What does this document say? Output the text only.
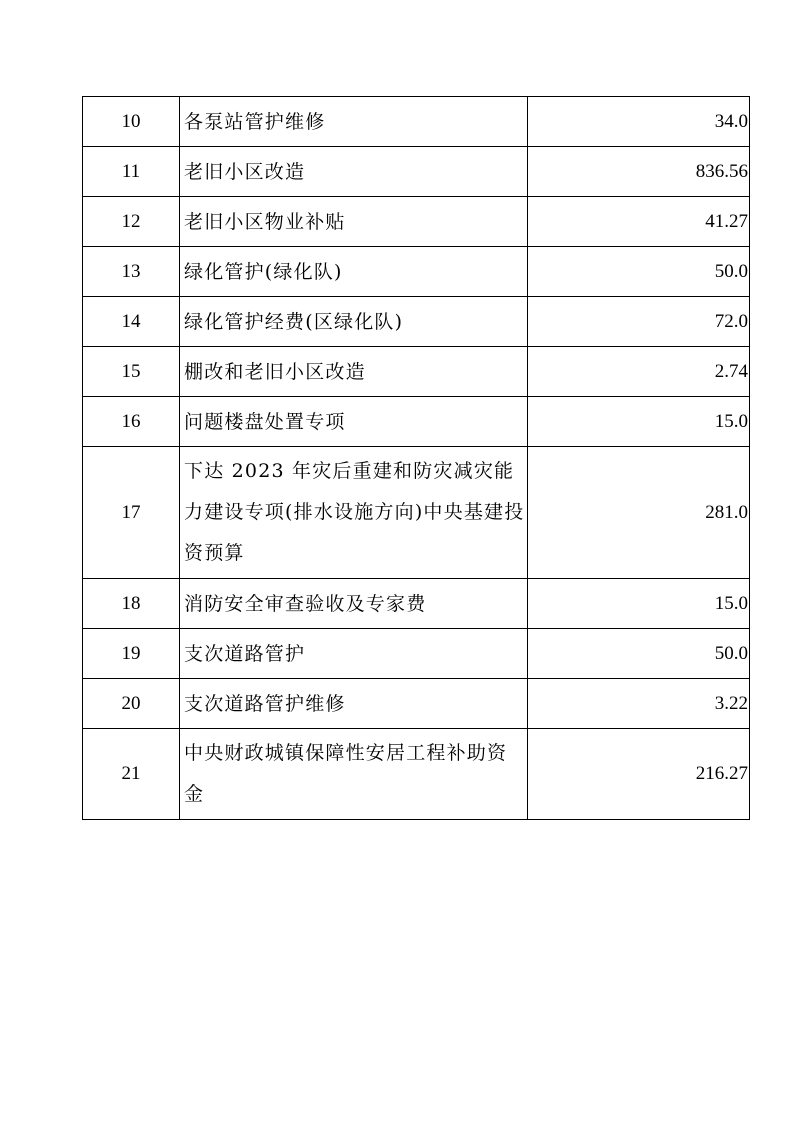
10	各泵站管护维修	34.0
11	老旧小区改造	836.56
12	老旧小区物业补贴	41.27
13	绿化管护(绿化队)	50.0
14	绿化管护经费(区绿化队)	72.0
15	棚改和老旧小区改造	2.74
16	问题楼盘处置专项	15.0
17	下达 2023 年灾后重建和防灾减灾能力建设专项(排水设施方向)中央基建投资预算	281.0
18	消防安全审查验收及专家费	15.0
19	支次道路管护	50.0
20	支次道路管护维修	3.22
21	中央财政城镇保障性安居工程补助资金	216.27
